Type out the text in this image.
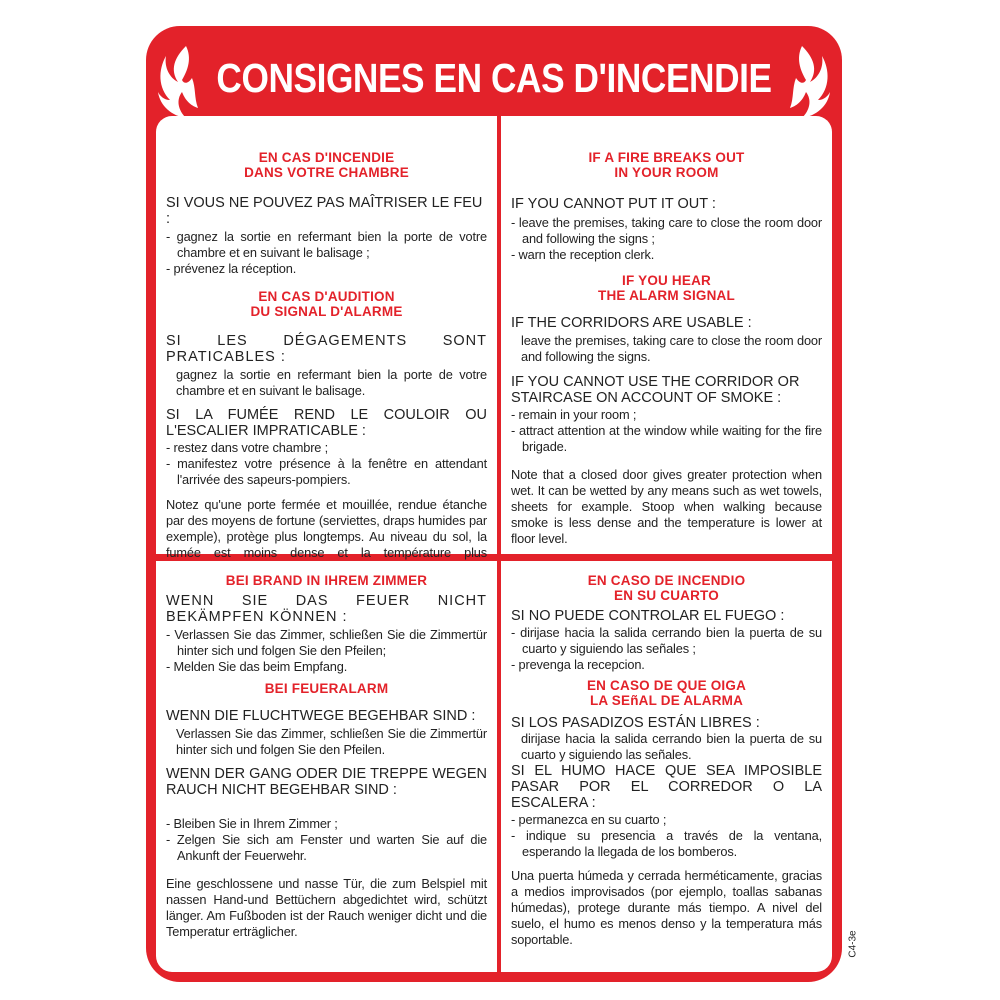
CONSIGNES EN CAS D'INCENDIE
EN CAS D'INCENDIE
DANS VOTRE CHAMBRE
SI VOUS NE POUVEZ PAS MAÎTRISER LE FEU :
- gagnez la sortie en refermant bien la porte de votre chambre et en suivant le balisage ;
- prévenez la réception.
EN CAS D'AUDITION
DU SIGNAL D'ALARME
SI LES DÉGAGEMENTS SONT PRATICABLES :
gagnez la sortie en refermant bien la porte de votre chambre et en suivant le balisage.
SI LA FUMÉE REND LE COULOIR OU L'ESCALIER IMPRATICABLE :
- restez dans votre chambre ;
- manifestez votre présence à la fenêtre en attendant l'arrivée des sapeurs-pompiers.
Notez qu'une porte fermée et mouillée, rendue étanche par des moyens de fortune (serviettes, draps humides par exemple), protège plus longtemps. Au niveau du sol, la fumée est moins dense et la température plus
IF A FIRE BREAKS OUT
IN YOUR ROOM
IF YOU CANNOT PUT IT OUT :
- leave the premises, taking care to close the room door and following the signs ;
- warn the reception clerk.
IF YOU HEAR
THE ALARM SIGNAL
IF THE CORRIDORS ARE USABLE :
leave the premises, taking care to close the room door and following the signs.
IF YOU CANNOT USE THE CORRIDOR OR STAIRCASE ON ACCOUNT OF SMOKE :
- remain in your room ;
- attract attention at the window while waiting for the fire brigade.
Note that a closed door gives greater protection when wet. It can be wetted by any means such as wet towels, sheets for example. Stoop when walking because smoke is less dense and the temperature is lower at floor level.
BEI BRAND IN IHREM ZIMMER
WENN SIE DAS FEUER NICHT BEKÄMPFEN KÖNNEN :
- Verlassen Sie das Zimmer, schließen Sie die Zimmertür hinter sich und folgen Sie den Pfeilen;
- Melden Sie das beim Empfang.
BEI FEUERALARM
WENN DIE FLUCHTWEGE BEGEHBAR SIND :
Verlassen Sie das Zimmer, schließen Sie die Zimmertür hinter sich und folgen Sie den Pfeilen.
WENN DER GANG ODER DIE TREPPE WEGEN RAUCH NICHT BEGEHBAR SIND :
- Bleiben Sie in Ihrem Zimmer ;
- Zelgen Sie sich am Fenster und warten Sie auf die Ankunft der Feuerwehr.
Eine geschlossene und nasse Tür, die zum Belspiel mit nassen Hand-und Bettüchern abgedichtet wird, schützt länger. Am Fußboden ist der Rauch weniger dicht und die Temperatur erträglicher.
EN CASO DE INCENDIO
EN SU CUARTO
SI NO PUEDE CONTROLAR EL FUEGO :
- dirijase hacia la salida cerrando bien la puerta de su cuarto y siguiendo las señales ;
- prevenga la recepcion.
EN CASO DE QUE OIGA
LA SEñAL DE ALARMA
SI LOS PASADIZOS ESTÁN LIBRES :
dirijase hacia la salida cerrando bien la puerta de su cuarto y siguiendo las señales.
SI EL HUMO HACE QUE SEA IMPOSIBLE PASAR POR EL CORREDOR O LA ESCALERA :
- permanezca en su cuarto ;
- indique su presencia a través de la ventana, esperando la llegada de los bomberos.
Una puerta húmeda y cerrada herméticamente, gracias a medios improvisados (por ejemplo, toallas sabanas húmedas), protege durante más tiempo. A nivel del suelo, el humo es menos denso y la temperatura más soportable.	C4-3e
